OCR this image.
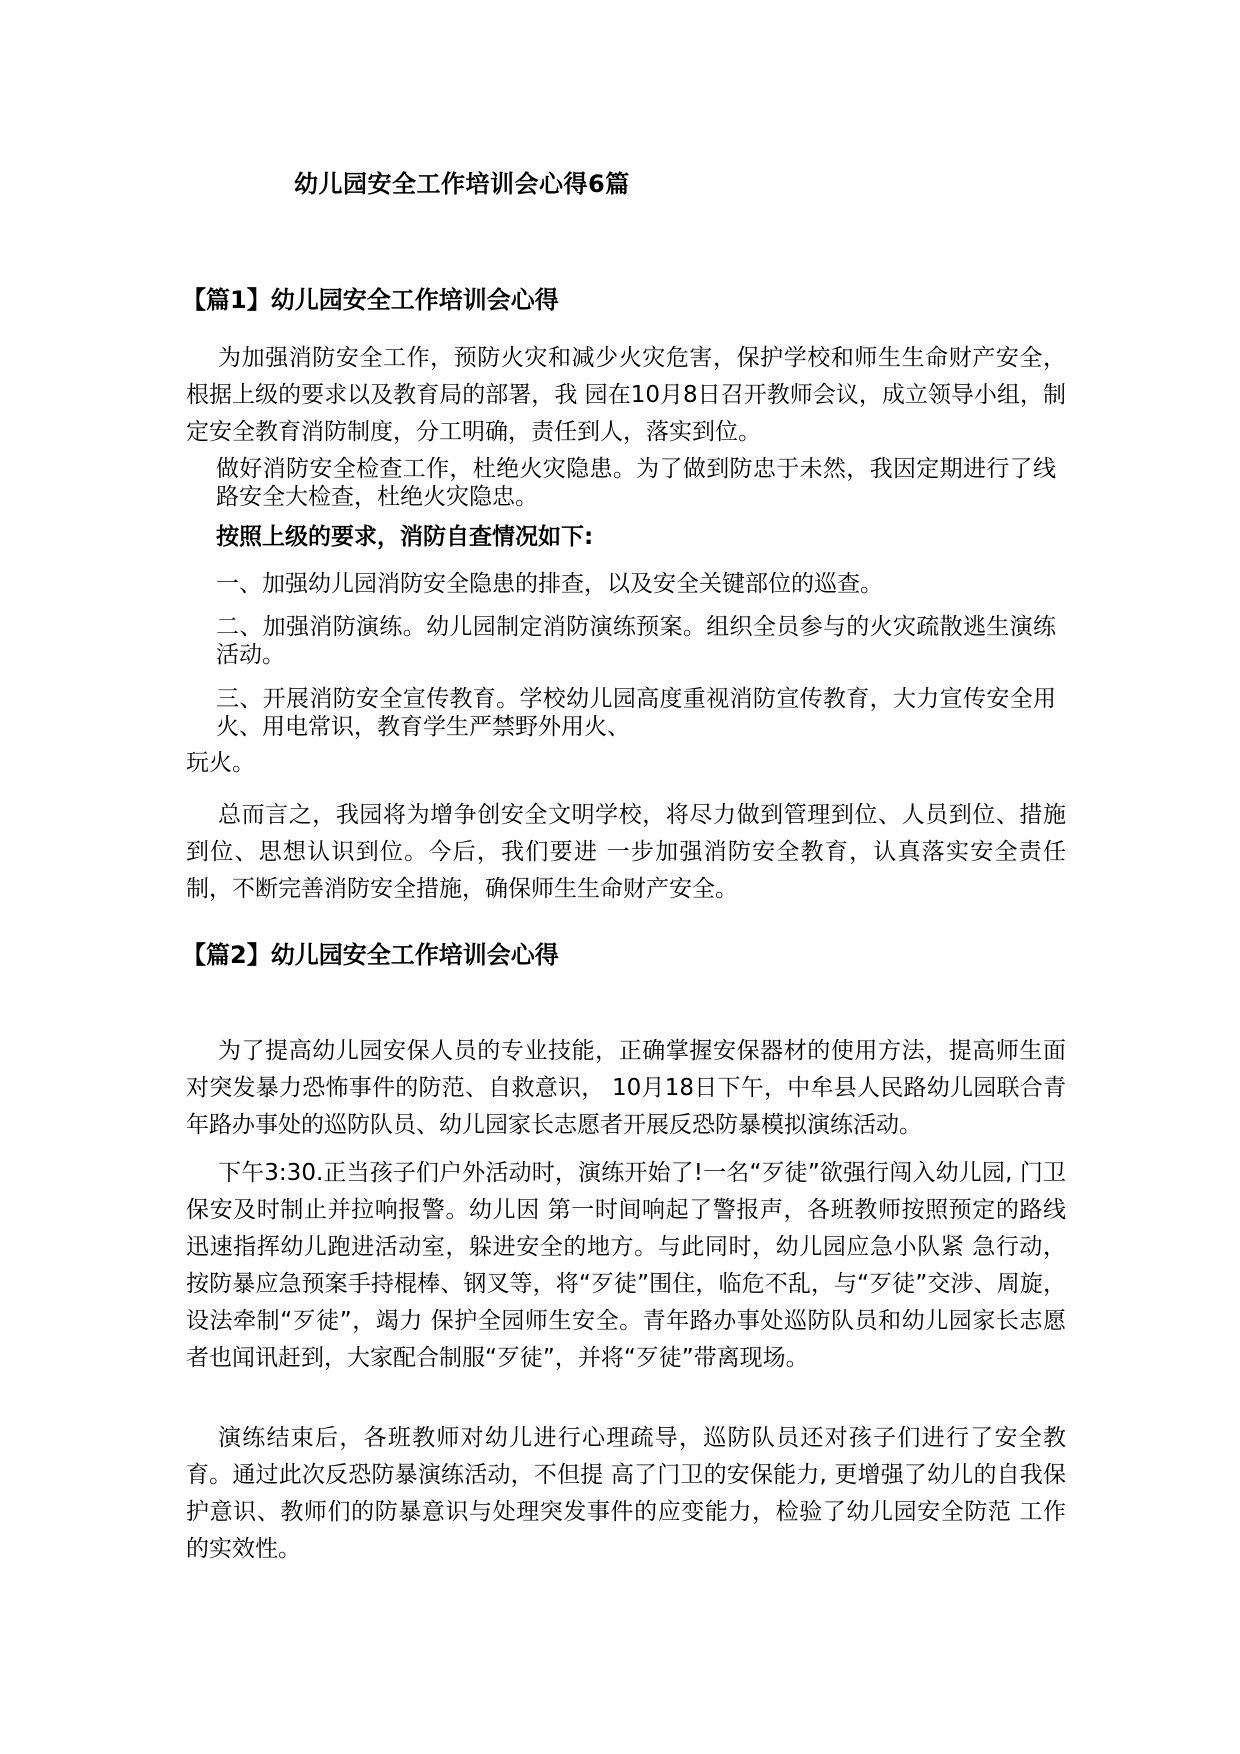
幼儿园安全工作培训会心得6篇
【篇1】幼儿园安全工作培训会心得

为加强消防安全工作，预防火灾和减少火灾危害，保护学校和师生生命财产安全，根据上级的要求以及教育局的部署，我 园在10月8日召开教师会议，成立领导小组，制定安全教育消防制度，分工明确，责任到人，落实到位。

做好消防安全检查工作，杜绝火灾隐患。为了做到防忠于未然，我因定期进行了线路安全大检查，杜绝火灾隐忠。

按照上级的要求，消防自查情况如下:

一、加强幼儿园消防安全隐患的排查，以及安全关键部位的巡查。

二、加强消防演练。幼儿园制定消防演练预案。组织全员参与的火灾疏散逃生演练活动。

三、开展消防安全宣传教育。学校幼儿园高度重视消防宣传教育，大力宣传安全用火、用电常识，教育学生严禁野外用火、

玩火。

总而言之，我园将为增争创安全文明学校，将尽力做到管理到位、人员到位、措施到位、思想认识到位。今后，我们要进 一步加强消防安全教育，认真落实安全责任制，不断完善消防安全措施，确保师生生命财产安全。

【篇2】幼儿园安全工作培训会心得

为了提高幼儿园安保人员的专业技能，正确掌握安保器材的使用方法，提高师生面对突发暴力恐怖事件的防范、自救意识， 10月18日下午，中牟县人民路幼儿园联合青年路办事处的巡防队员、幼儿园家长志愿者开展反恐防暴模拟演练活动。

下午3:30.正当孩子们户外活动时，演练开始了!一名“歹徒”欲强行闯入幼儿园, 门卫保安及时制止并拉响报警。幼儿因 第一时间响起了警报声，各班教师按照预定的路线迅速指挥幼儿跑进活动室，躲进安全的地方。与此同时，幼儿园应急小队紧 急行动，按防暴应急预案手持棍棒、钢叉等，将“歹徒”围住，临危不乱，与“歹徒”交涉、周旋，设法牵制“歹徒”，竭力 保护全园师生安全。青年路办事处巡防队员和幼儿园家长志愿者也闻讯赶到，大家配合制服“歹徒”，并将“歹徒”带离现场。

演练结束后，各班教师对幼儿进行心理疏导，巡防队员还对孩子们进行了安全教育。通过此次反恐防暴演练活动，不但提 高了门卫的安保能力, 更增强了幼儿的自我保护意识、教师们的防暴意识与处理突发事件的应变能力，检验了幼儿园安全防范 工作的实效性。
